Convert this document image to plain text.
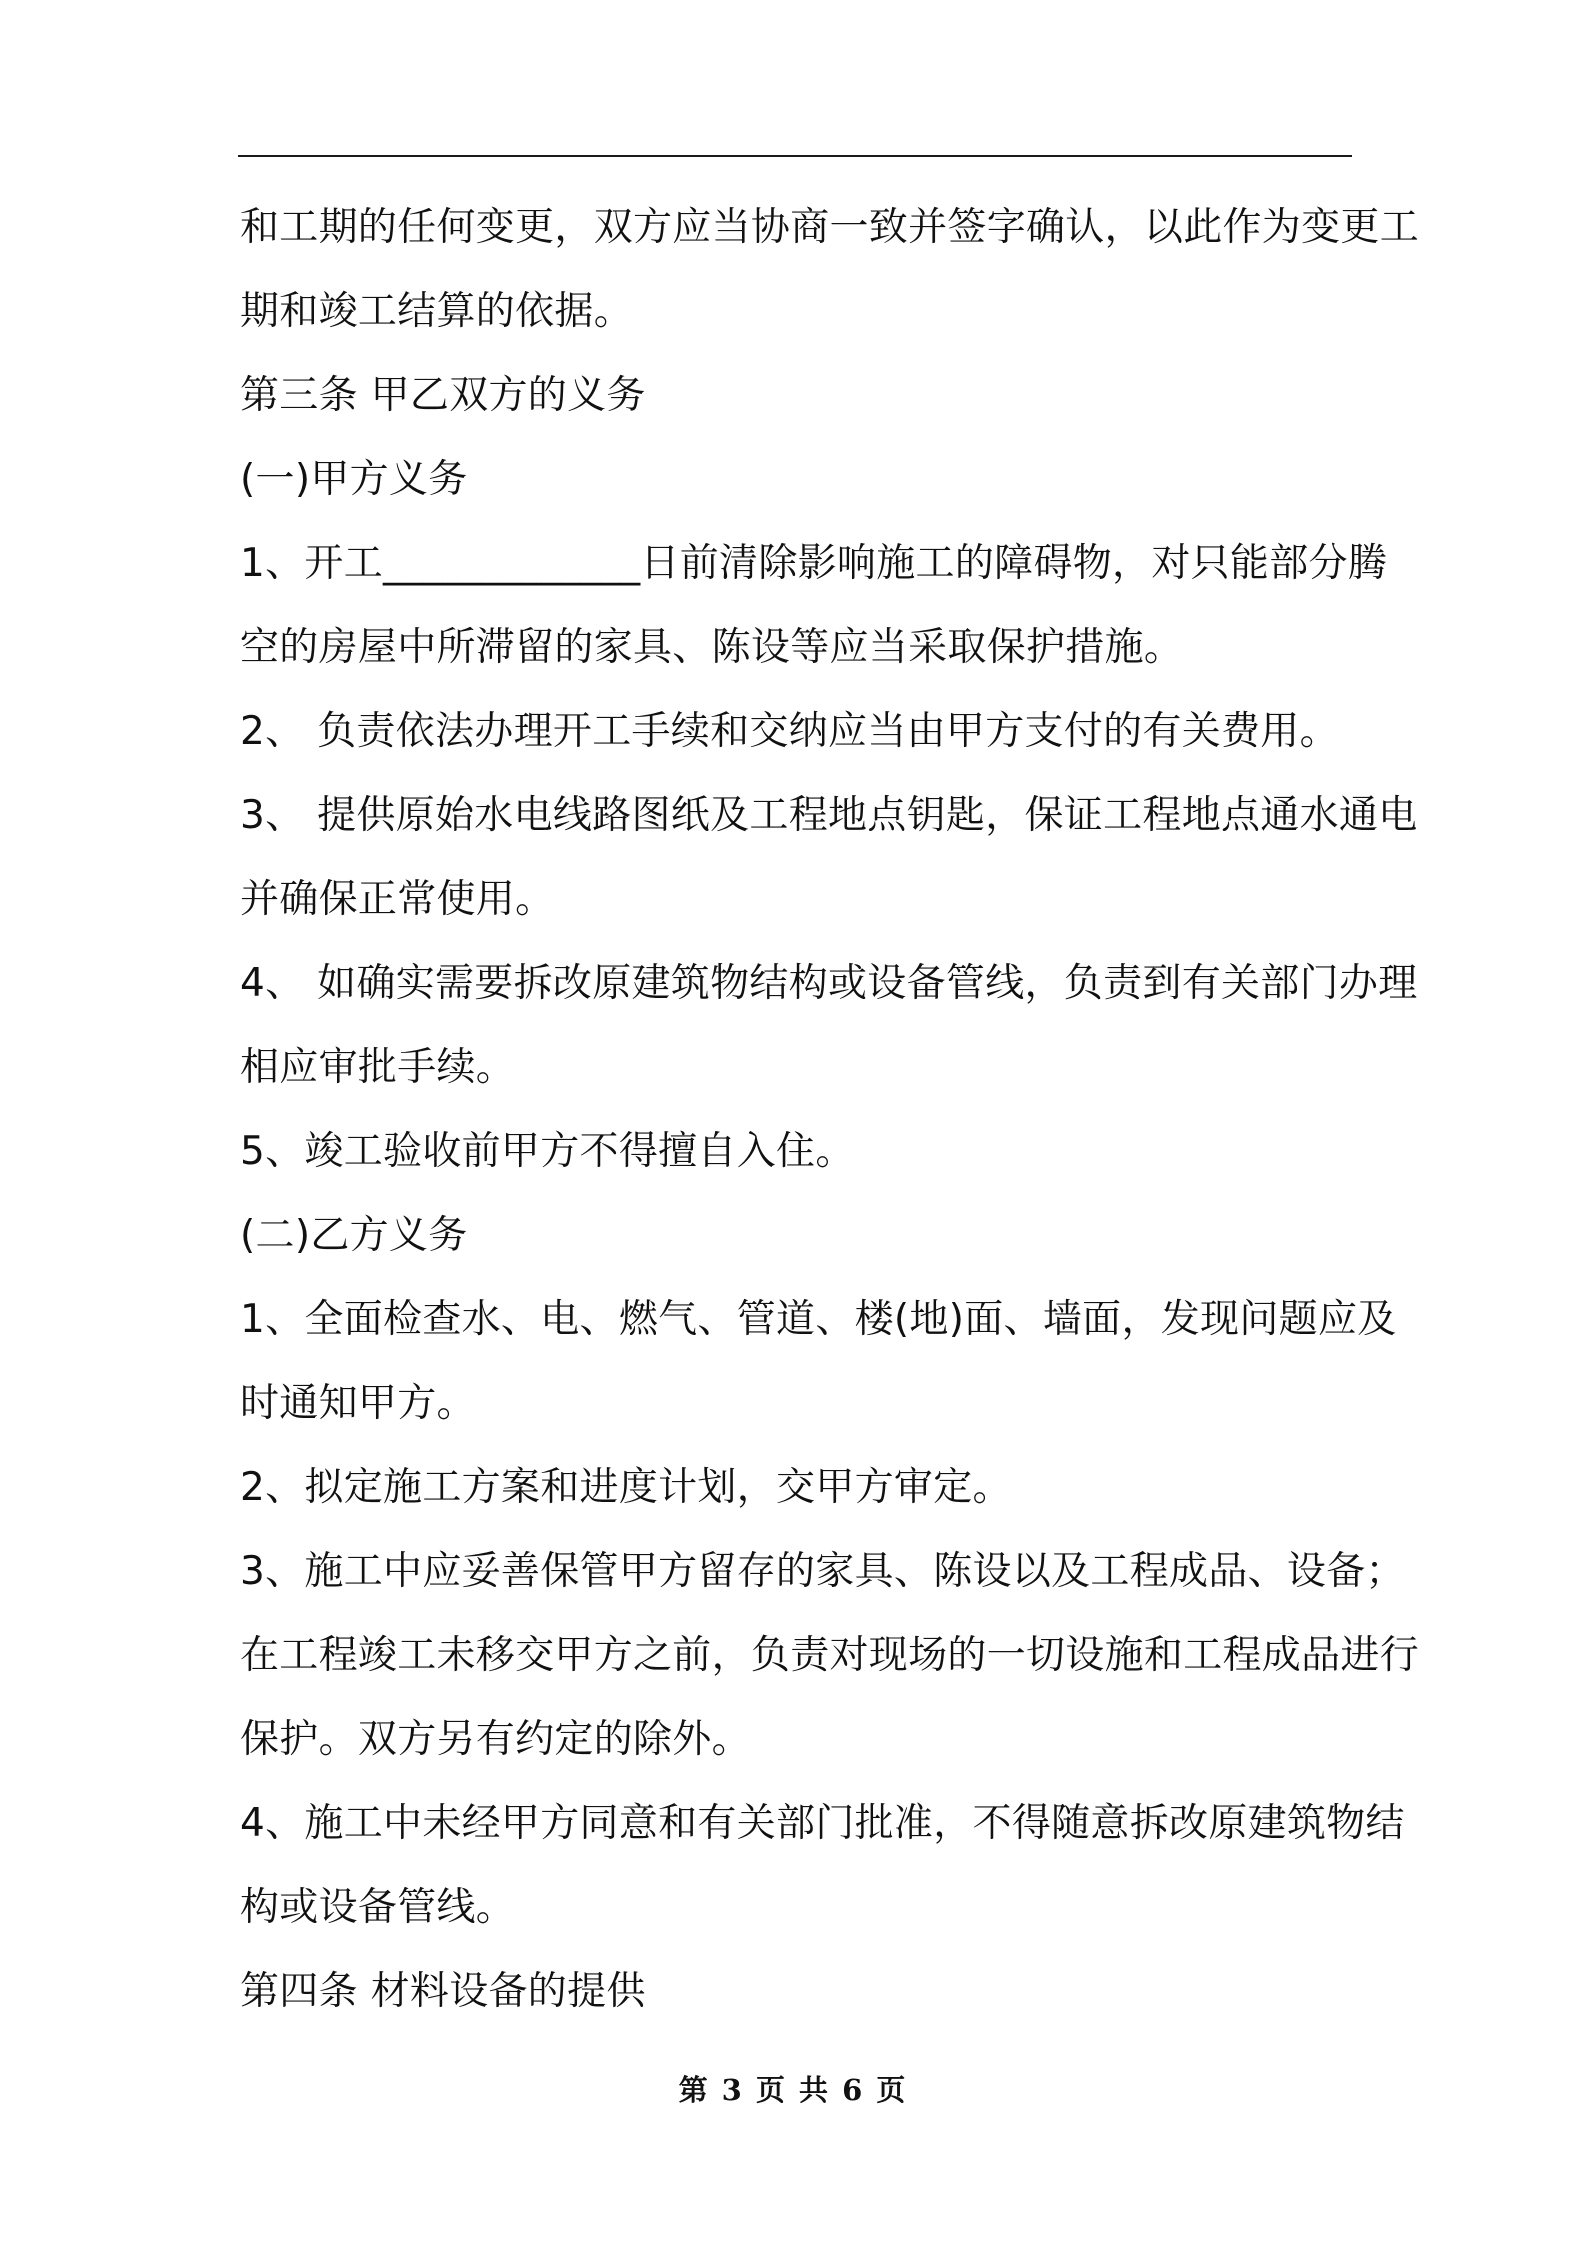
和工期的任何变更，双方应当协商一致并签字确认，以此作为变更工
期和竣工结算的依据。
第三条 甲乙双方的义务
(一)甲方义务
1、开工_____________日前清除影响施工的障碍物，对只能部分腾
空的房屋中所滞留的家具、陈设等应当采取保护措施。
2、 负责依法办理开工手续和交纳应当由甲方支付的有关费用。
3、 提供原始水电线路图纸及工程地点钥匙，保证工程地点通水通电
并确保正常使用。
4、 如确实需要拆改原建筑物结构或设备管线，负责到有关部门办理
相应审批手续。
5、竣工验收前甲方不得擅自入住。
(二)乙方义务
1、全面检查水、电、燃气、管道、楼(地)面、墙面，发现问题应及
时通知甲方。
2、拟定施工方案和进度计划，交甲方审定。
3、施工中应妥善保管甲方留存的家具、陈设以及工程成品、设备；
在工程竣工未移交甲方之前，负责对现场的一切设施和工程成品进行
保护。双方另有约定的除外。
4、施工中未经甲方同意和有关部门批准，不得随意拆改原建筑物结
构或设备管线。
第四条 材料设备的提供
第 3 页 共 6 页
